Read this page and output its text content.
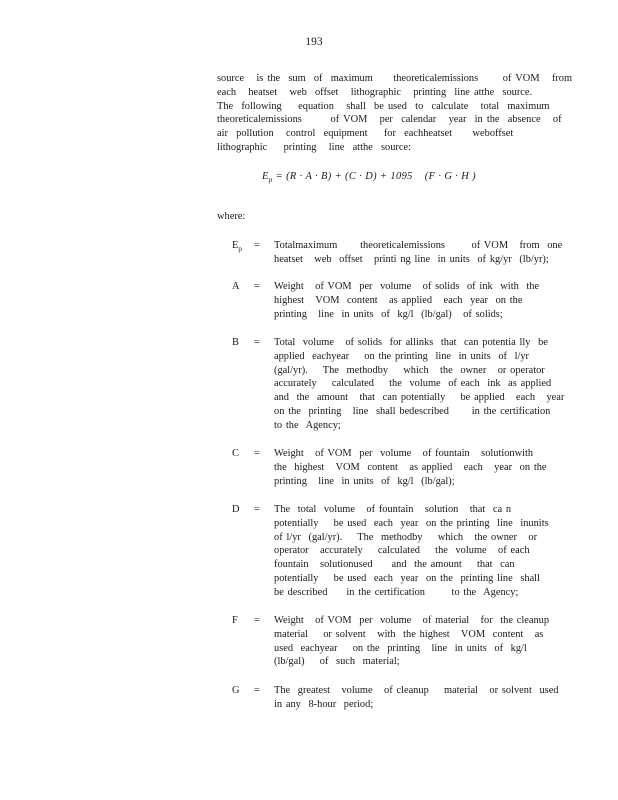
193
source   is the  sum  of  maximum     theoreticalemissions      of VOM   from
each   heatset   web  offset   lithographic   printing  line atthe  source.
The  following    equation   shall  be used  to  calculate   total  maximum
theoreticalemissions       of VOM   per  calendar   year  in the  absence   of
air  pollution   control  equipment    for  eachheatset     weboffset
lithographic    printing   line  atthe  source:
$E_p = (R \cdot A \cdot B) + (C \cdot D) + 1095$    (F · G · H )
where:
$E_p$ = Totalmaximum      theoreticalemissions       of VOM   from  one
heatset   web  offset   printi ng line  in units  of kg/yr  (lb/yr);
A = Weight   of VOM  per  volume   of solids  of ink  with  the
highest   VOM  content   as applied   each  year  on the
printing   line  in units  of  kg/l  (lb/gal)   of solids;
B = Total  volume   of solids  for allinks  that  can potentia lly  be
applied  eachyear    on the printing  line  in units  of  l/yr
(gal/yr).    The  methodby    which   the  owner   or operator
accurately    calculated    the  volume  of each  ink  as applied
and  the  amount   that  can potentially    be applied   each   year
on the  printing   line  shall bedescribed      in the certification
to the  Agency;
C = Weight   of VOM  per  volume   of fountain   solutionwith
the  highest   VOM  content   as applied   each   year  on the
printing   line  in units  of  kg/l  (lb/gal);
D = The  total  volume   of fountain   solution   that  ca n
potentially    be used  each  year  on the printing  line  inunits
of l/yr  (gal/yr).    The  methodby    which   the owner   or
operator   accurately    calculated    the  volume   of each
fountain   solutionused     and  the amount    that  can
potentially    be used  each  year  on the  printing line  shall
be described     in the certification       to the  Agency;
F = Weight   of VOM  per  volume   of material   for  the cleanup
material    or solvent   with  the highest   VOM  content   as
used  eachyear    on the  printing   line  in units  of  kg/l
(lb/gal)    of  such  material;
G = The  greatest   volume   of cleanup    material   or solvent  used
in any  8-hour  period;
